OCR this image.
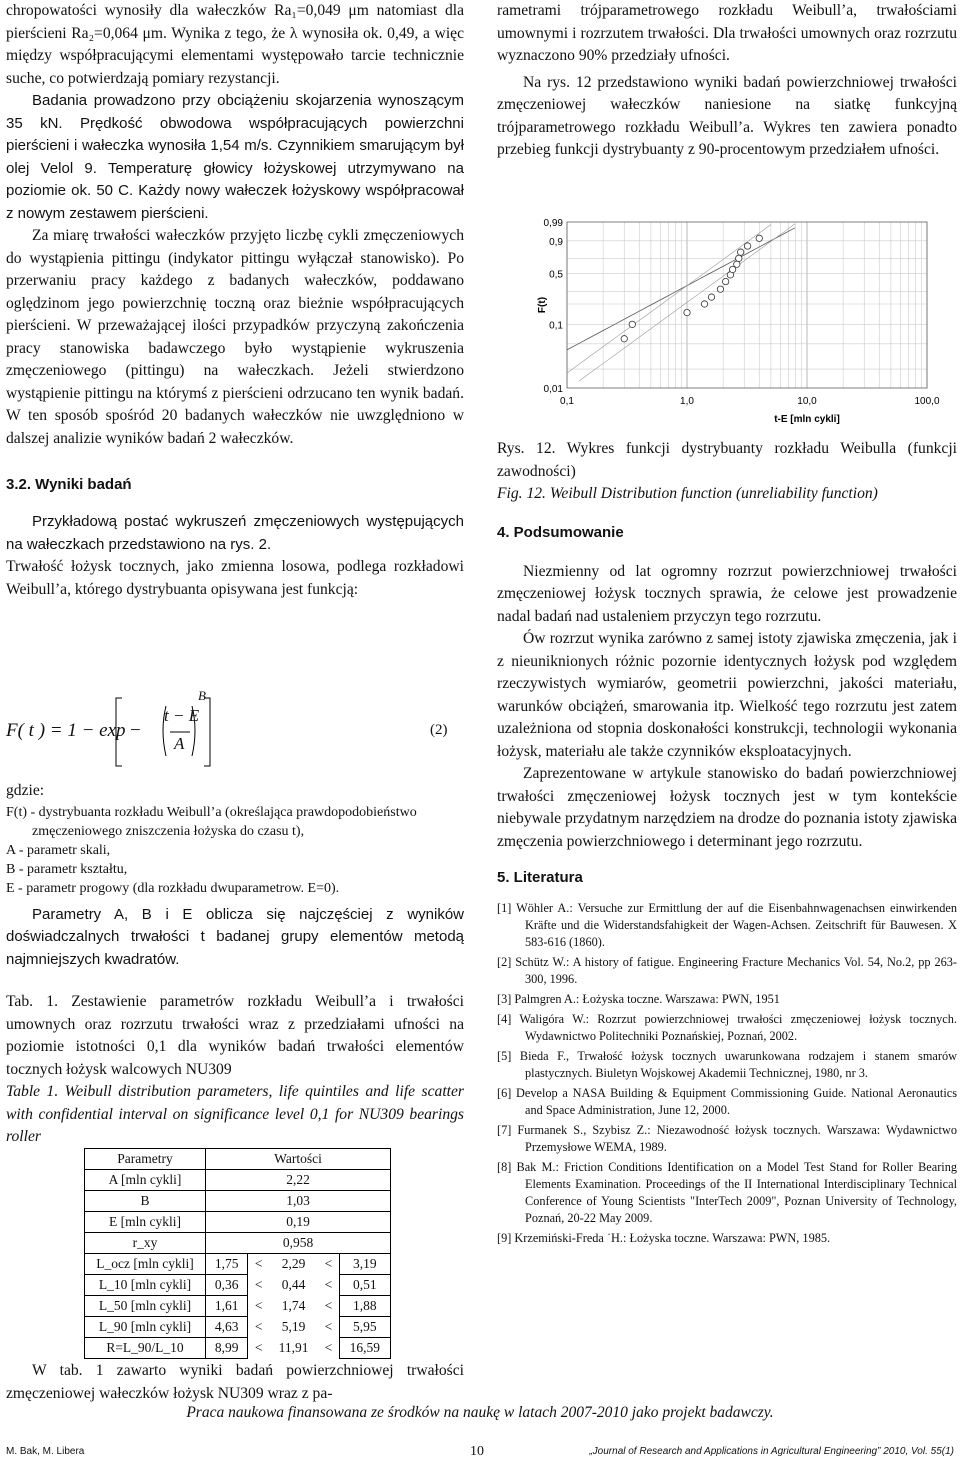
chropowatości wynosiły dla wałeczków Ra₁=0,049 μm natomiast dla pierścieni Ra₂=0,064 μm. Wynika z tego, że λ wynosiła ok. 0,49, a więc między współpracującymi elementami występowało tarcie technicznie suche, co potwierdzają pomiary rezystancji.

Badania prowadzono przy obciążeniu skojarzenia wynoszącym 35 kN. Prędkość obwodowa współpracujących powierzchni pierścieni i wałeczka wynosiła 1,54 m/s. Czynnikiem smarującym był olej Velol 9. Temperaturę głowicy łożyskowej utrzymywano na poziomie ok. 50 C. Każdy nowy wałeczek łożyskowy współpracował z nowym zestawem pierścieni.

Za miarę trwałości wałeczków przyjęto liczbę cykli zmęczeniowych do wystąpienia pittingu (indykator pittingu wyłączał stanowisko). Po przerwaniu pracy każdego z badanych wałeczków, poddawano oględzinom jego powierzchnię toczną oraz bieżnie współpracujących pierścieni. W przeważającej ilości przypadków przyczyną zakończenia pracy stanowiska badawczego było wystąpienie wykruszenia zmęczeniowego (pittingu) na wałeczkach. Jeżeli stwierdzono wystąpienie pittingu na którymś z pierścieni odrzucano ten wynik badań. W ten sposób spośród 20 badanych wałeczków nie uwzględniono w dalszej analizie wyników badań 2 wałeczków.

3.2. Wyniki badań

Przykładową postać wykruszeń zmęczeniowych występujących na wałeczkach przedstawiono na rys. 2.

Trwałość łożysk tocznych, jako zmienna losowa, podlega rozkładowi Weibull’a, którego dystrybuanta opisywana jest funkcją:

F( t ) = 1 − exp −
t − E
A
B
(2)

gdzie:

F(t) - dystrybuanta rozkładu Weibull’a (określająca prawdopodobieństwo zmęczeniowego zniszczenia łożyska do czasu t),
A - parametr skali,
B - parametr kształtu,
E - parametr progowy (dla rozkładu dwuparametrow. E=0).

Parametry A, B i E oblicza się najczęściej z wyników doświadczalnych trwałości t badanej grupy elementów metodą najmniejszych kwadratów.

Tab. 1. Zestawienie parametrów rozkładu Weibull’a i trwałości umownych oraz rozrzutu trwałości wraz z przedziałami ufności na poziomie istotności 0,1 dla wyników badań trwałości elementów tocznych łożysk walcowych NU309

Table 1. Weibull distribution parameters, life quintiles and life scatter with confidential interval on significance level 0,1 for NU309 bearings roller

Parametry	Wartości				
A [mln cykli]	2,22				
B	1,03				
E [mln cykli]	0,19				
r_xy	0,958				
L_ocz [mln cykli]	1,75	<	2,29	<	3,19
L_10 [mln cykli]	0,36	<	0,44	<	0,51
L_50 [mln cykli]	1,61	<	1,74	<	1,88
L_90 [mln cykli]	4,63	<	5,19	<	5,95
R=L_90/L_10	8,99	<	11,91	<	16,59

W tab. 1 zawarto wyniki badań powierzchniowej trwałości zmęczeniowej wałeczków łożysk NU309 wraz z pa-

rametrami trójparametrowego rozkładu Weibull’a, trwałościami umownymi i rozrzutem trwałości. Dla trwałości umownych oraz rozrzutu wyznaczono 90% przedziały ufności.

Na rys. 12 przedstawiono wyniki badań powierzchniowej trwałości zmęczeniowej wałeczków naniesione na siatkę funkcyjną trójparametrowego rozkładu Weibull’a. Wykres ten zawiera ponadto przebieg funkcji dystrybuanty z 90-procentowym przedziałem ufności.

0,99
0,9
0,5
0,1
0,01
0,1	1,0	10,0	100,0
t-E [mln cykli]
F(t)

Rys. 12. Wykres funkcji dystrybuanty rozkładu Weibulla (funkcji zawodności)

Fig. 12. Weibull Distribution function (unreliability function)

4. Podsumowanie

Niezmienny od lat ogromny rozrzut powierzchniowej trwałości zmęczeniowej łożysk tocznych sprawia, że celowe jest prowadzenie nadal badań nad ustaleniem przyczyn tego rozrzutu.

Ów rozrzut wynika zarówno z samej istoty zjawiska zmęczenia, jak i z nieuniknionych różnic pozornie identycznych łożysk pod względem rzeczywistych wymiarów, geometrii powierzchni, jakości materiału, warunków obciążeń, smarowania itp. Wielkość tego rozrzutu jest zatem uzależniona od stopnia doskonałości konstrukcji, technologii wykonania łożysk, materiału ale także czynników eksploatacyjnych.

Zaprezentowane w artykule stanowisko do badań powierzchniowej trwałości zmęczeniowej łożysk tocznych jest w tym kontekście niebywale przydatnym narzędziem na drodze do poznania istoty zjawiska zmęczenia powierzchniowego i determinant jego rozrzutu.

5. Literatura

[1] Wöhler A.: Versuche zur Ermittlung der auf die Eisenbahnwagenachsen einwirkenden Kräfte und die Widerstandsfahigkeit der Wagen-Achsen. Zeitschrift für Bauwesen. X 583-616 (1860).
[2] Schütz W.: A history of fatigue. Engineering Fracture Mechanics Vol. 54, No.2, pp 263-300, 1996.
[3] Palmgren A.: Łożyska toczne. Warszawa: PWN, 1951
[4] Waligóra W.: Rozrzut powierzchniowej trwałości zmęczeniowej łożysk tocznych. Wydawnictwo Politechniki Poznańskiej, Poznań, 2002.
[5] Bieda F., Trwałość łożysk tocznych uwarunkowana rodzajem i stanem smarów plastycznych. Biuletyn Wojskowej Akademii Technicznej, 1980, nr 3.
[6] Develop a NASA Building & Equipment Commissioning Guide. National Aeronautics and Space Administration, June 12, 2000.
[7] Furmanek S., Szybisz Z.: Niezawodność łożysk tocznych. Warszawa: Wydawnictwo Przemysłowe WEMA, 1989.
[8] Bak M.: Friction Conditions Identification on a Model Test Stand for Roller Bearing Elements Examination. Proceedings of the II International Interdisciplinary Technical Conference of Young Scientists "InterTech 2009", Poznan University of Technology, Poznań, 20-22 May 2009.
[9] Krzemiński-Freda ˙H.: Łożyska toczne. Warszawa: PWN, 1985.
Praca naukowa finansowana ze środków na naukę w latach 2007-2010 jako projekt badawczy.
M. Bak, M. Libera	10	„Journal of Research and Applications in Agricultural Engineering” 2010, Vol. 55(1)
